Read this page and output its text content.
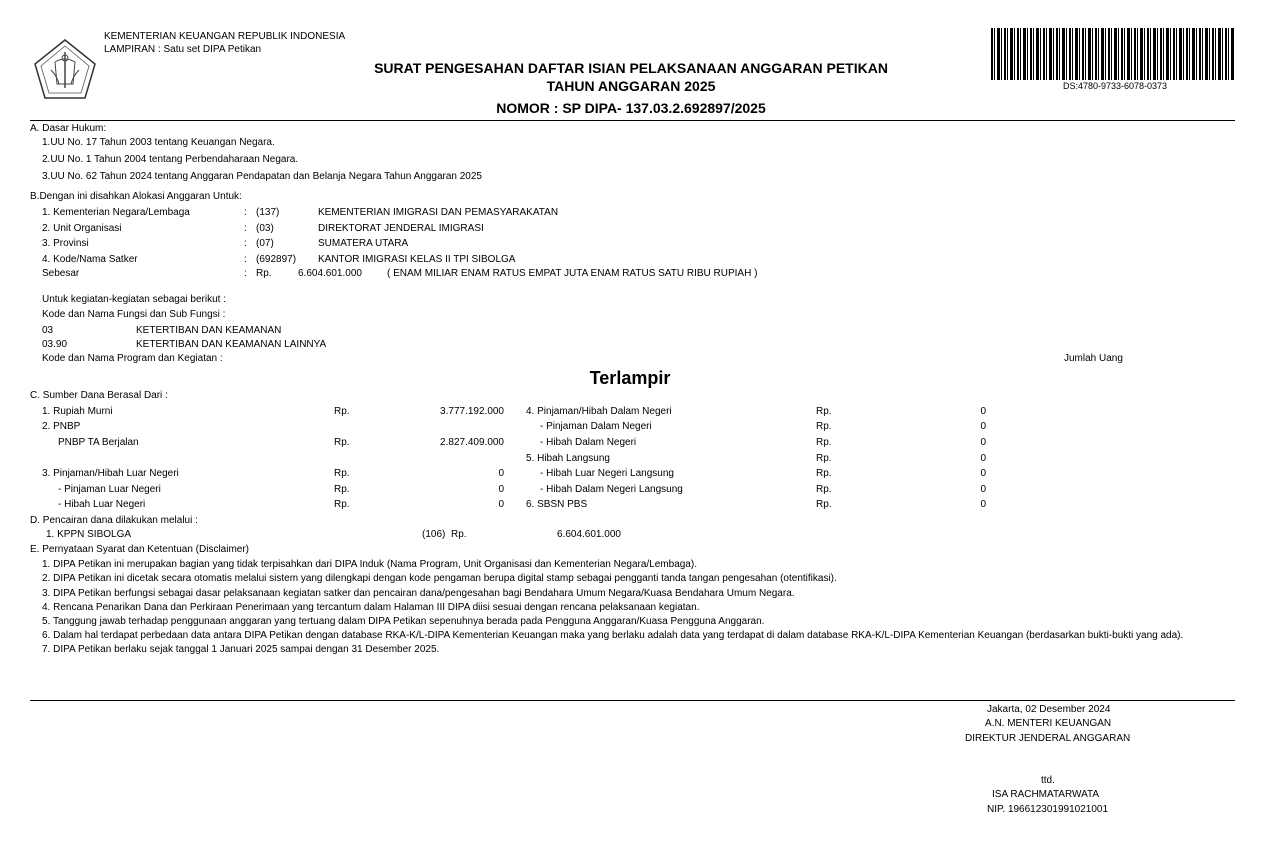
KEMENTERIAN KEUANGAN REPUBLIK INDONESIA
LAMPIRAN : Satu set DIPA Petikan
SURAT PENGESAHAN DAFTAR ISIAN PELAKSANAAN ANGGARAN PETIKAN
TAHUN ANGGARAN 2025
NOMOR : SP DIPA- 137.03.2.692897/2025
DS:4780-9733-6078-0373
A. Dasar Hukum:
1.UU No. 17 Tahun 2003 tentang Keuangan Negara.
2.UU No. 1 Tahun 2004 tentang Perbendaharaan Negara.
3.UU No. 62 Tahun 2024 tentang Anggaran Pendapatan dan Belanja Negara Tahun Anggaran 2025
B.Dengan ini disahkan Alokasi Anggaran Untuk:
1. Kementerian Negara/Lembaga	: (137)	KEMENTERIAN IMIGRASI DAN PEMASYARAKATAN
2. Unit Organisasi	: (03)	DIREKTORAT JENDERAL IMIGRASI
3. Provinsi	: (07)	SUMATERA UTARA
4. Kode/Nama Satker	: (692897) KANTOR IMIGRASI KELAS II TPI SIBOLGA
Sebesar	: Rp.	6.604.601.000	( ENAM MILIAR ENAM RATUS EMPAT JUTA ENAM RATUS SATU RIBU RUPIAH )
Untuk kegiatan-kegiatan sebagai berikut :
Kode dan Nama Fungsi dan Sub Fungsi :
03	KETERTIBAN DAN KEAMANAN
03.90	KETERTIBAN DAN KEAMANAN LAINNYA
Kode dan Nama Program dan Kegiatan :	Jumlah Uang
Terlampir
C. Sumber Dana Berasal Dari :
1. Rupiah Murni	Rp.	3.777.192.000
2. PNBP
PNBP TA Berjalan	Rp.	2.827.409.000
3. Pinjaman/Hibah Luar Negeri	Rp.	0
- Pinjaman Luar Negeri	Rp.	0
- Hibah Luar Negeri	Rp.	0
4. Pinjaman/Hibah Dalam Negeri	Rp.	0
- Pinjaman Dalam Negeri	Rp.	0
- Hibah Dalam Negeri	Rp.	0
5. Hibah Langsung	Rp.	0
- Hibah Luar Negeri Langsung	Rp.	0
- Hibah Dalam Negeri Langsung	Rp.	0
6. SBSN PBS	Rp.	0
D. Pencairan dana dilakukan melalui :
1. KPPN SIBOLGA	(106) Rp.	6.604.601.000
E. Pernyataan Syarat dan Ketentuan (Disclaimer)
1. DIPA Petikan ini merupakan bagian yang tidak terpisahkan dari DIPA Induk (Nama Program, Unit Organisasi dan Kementerian Negara/Lembaga).
2. DIPA Petikan ini dicetak secara otomatis melalui sistem yang dilengkapi dengan kode pengaman berupa digital stamp sebagai pengganti tanda tangan pengesahan (otentifikasi).
3. DIPA Petikan berfungsi sebagai dasar pelaksanaan kegiatan satker dan pencairan dana/pengesahan bagi Bendahara Umum Negara/Kuasa Bendahara Umum Negara.
4. Rencana Penarikan Dana dan Perkiraan Penerimaan yang tercantum dalam Halaman III DIPA diisi sesuai dengan rencana pelaksanaan kegiatan.
5. Tanggung jawab terhadap penggunaan anggaran yang tertuang dalam DIPA Petikan sepenuhnya berada pada Pengguna Anggaran/Kuasa Pengguna Anggaran.
6. Dalam hal terdapat perbedaan data antara DIPA Petikan dengan database RKA-K/L-DIPA Kementerian Keuangan maka yang berlaku adalah data yang terdapat di dalam database RKA-K/L-DIPA Kementerian Keuangan (berdasarkan bukti-bukti yang ada).
7. DIPA Petikan berlaku sejak tanggal 1 Januari 2025 sampai dengan 31 Desember 2025.
Jakarta, 02 Desember 2024
A.N. MENTERI KEUANGAN
DIREKTUR JENDERAL ANGGARAN
ttd.
ISA RACHMATARWATA
NIP. 196612301991021001
